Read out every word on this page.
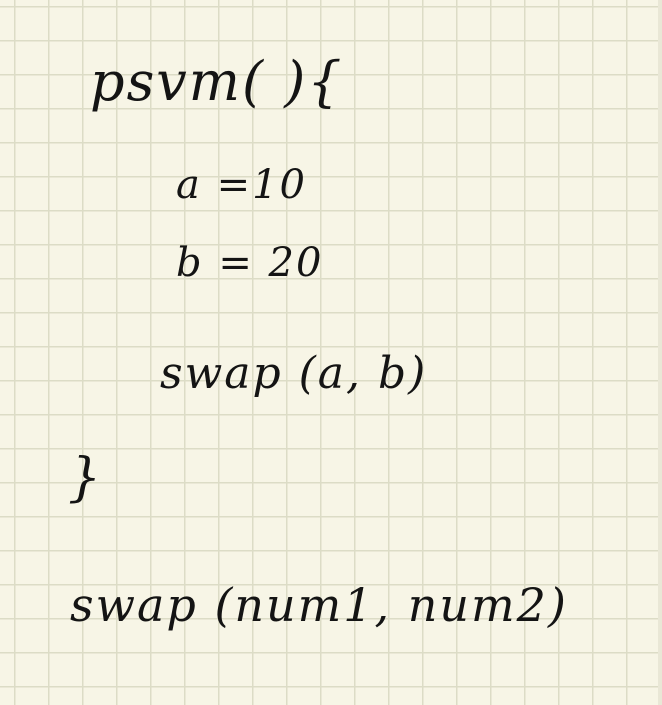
psvm( ){
a =10
b = 20
swap (a, b)
}
swap (num1, num2)
